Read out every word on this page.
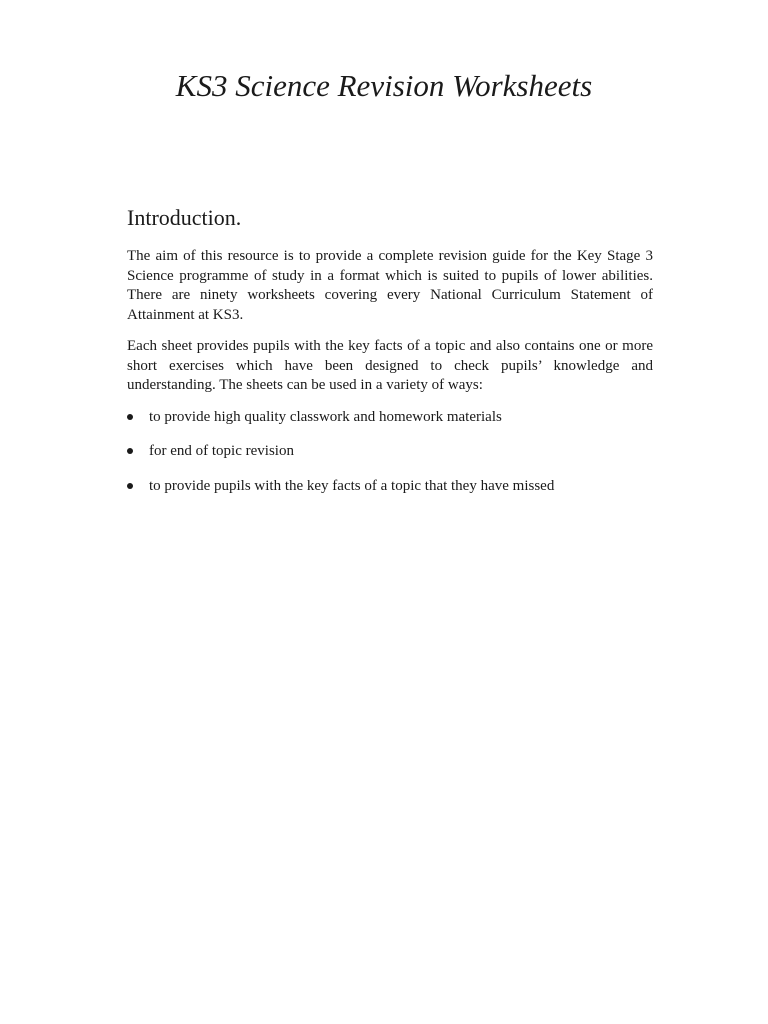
KS3 Science Revision Worksheets
Introduction.

The aim of this resource is to provide a complete revision guide for the Key Stage 3 Science programme of study in a format which is suited to pupils of lower abilities. There are ninety worksheets covering every National Curriculum Statement of Attainment at KS3.

Each sheet provides pupils with the key facts of a topic and also contains one or more short exercises which have been designed to check pupils’ knowledge and understanding. The sheets can be used in a variety of ways:

to provide high quality classwork and homework materials
for end of topic revision
to provide pupils with the key facts of a topic that they have missed
